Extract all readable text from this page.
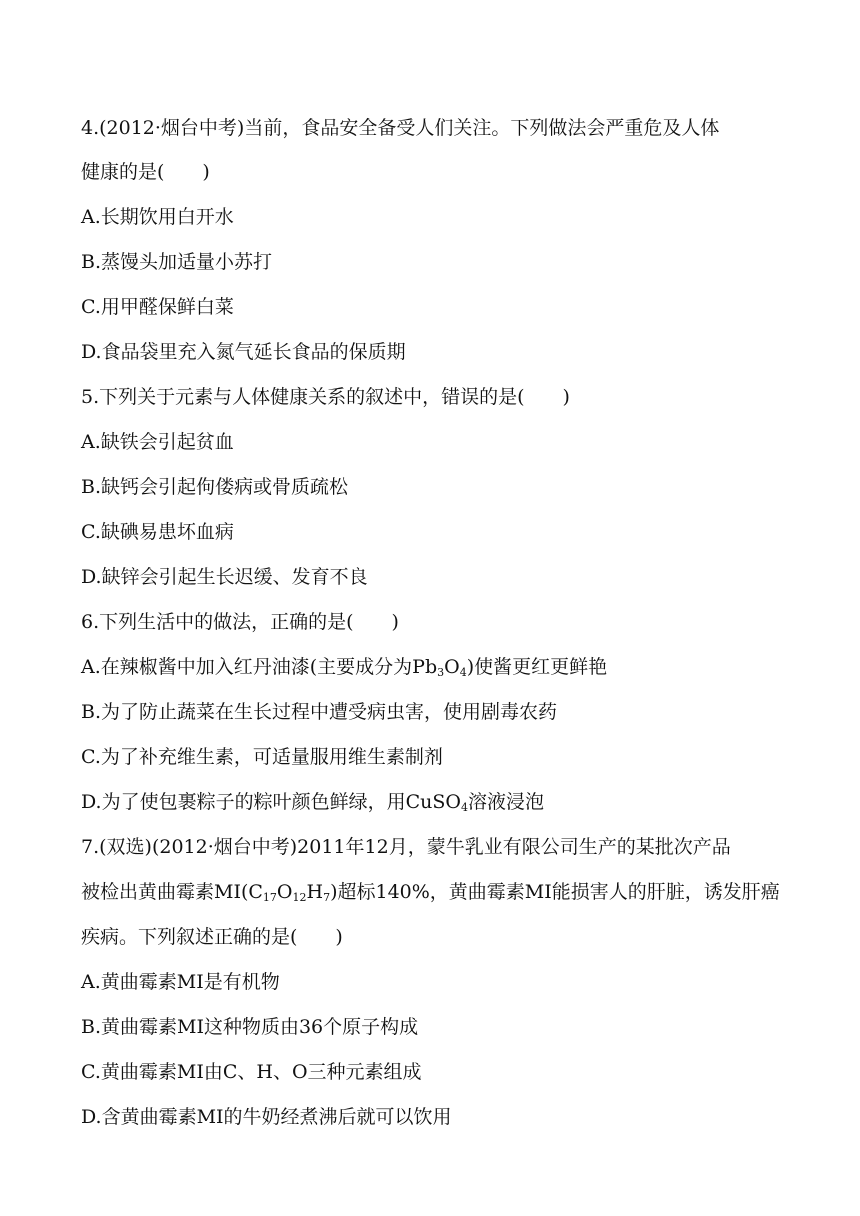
4.(2012·烟台中考)当前，食品安全备受人们关注。下列做法会严重危及人体
健康的是(　　)
A.长期饮用白开水
B.蒸馒头加适量小苏打
C.用甲醛保鲜白菜
D.食品袋里充入氮气延长食品的保质期
5.下列关于元素与人体健康关系的叙述中，错误的是(　　)
A.缺铁会引起贫血
B.缺钙会引起佝偻病或骨质疏松
C.缺碘易患坏血病
D.缺锌会引起生长迟缓、发育不良
6.下列生活中的做法，正确的是(　　)
A.在辣椒酱中加入红丹油漆(主要成分为$Pb_3O_4$)使酱更红更鲜艳
B.为了防止蔬菜在生长过程中遭受病虫害，使用剧毒农药
C.为了补充维生素，可适量服用维生素制剂
D.为了使包裹粽子的粽叶颜色鲜绿，用CuSO$_4$溶液浸泡
7.(双选)(2012·烟台中考)2011年12月，蒙牛乳业有限公司生产的某批次产品
被检出黄曲霉素$MI(C_{17}O_{12}H_7)$超标140%，黄曲霉素MI能损害人的肝脏，诱发肝癌
疾病。下列叙述正确的是(　　)
A.黄曲霉素MI是有机物
B.黄曲霉素MI这种物质由36个原子构成
C.黄曲霉素MI由C、H、O三种元素组成
D.含黄曲霉素MI的牛奶经煮沸后就可以饮用
